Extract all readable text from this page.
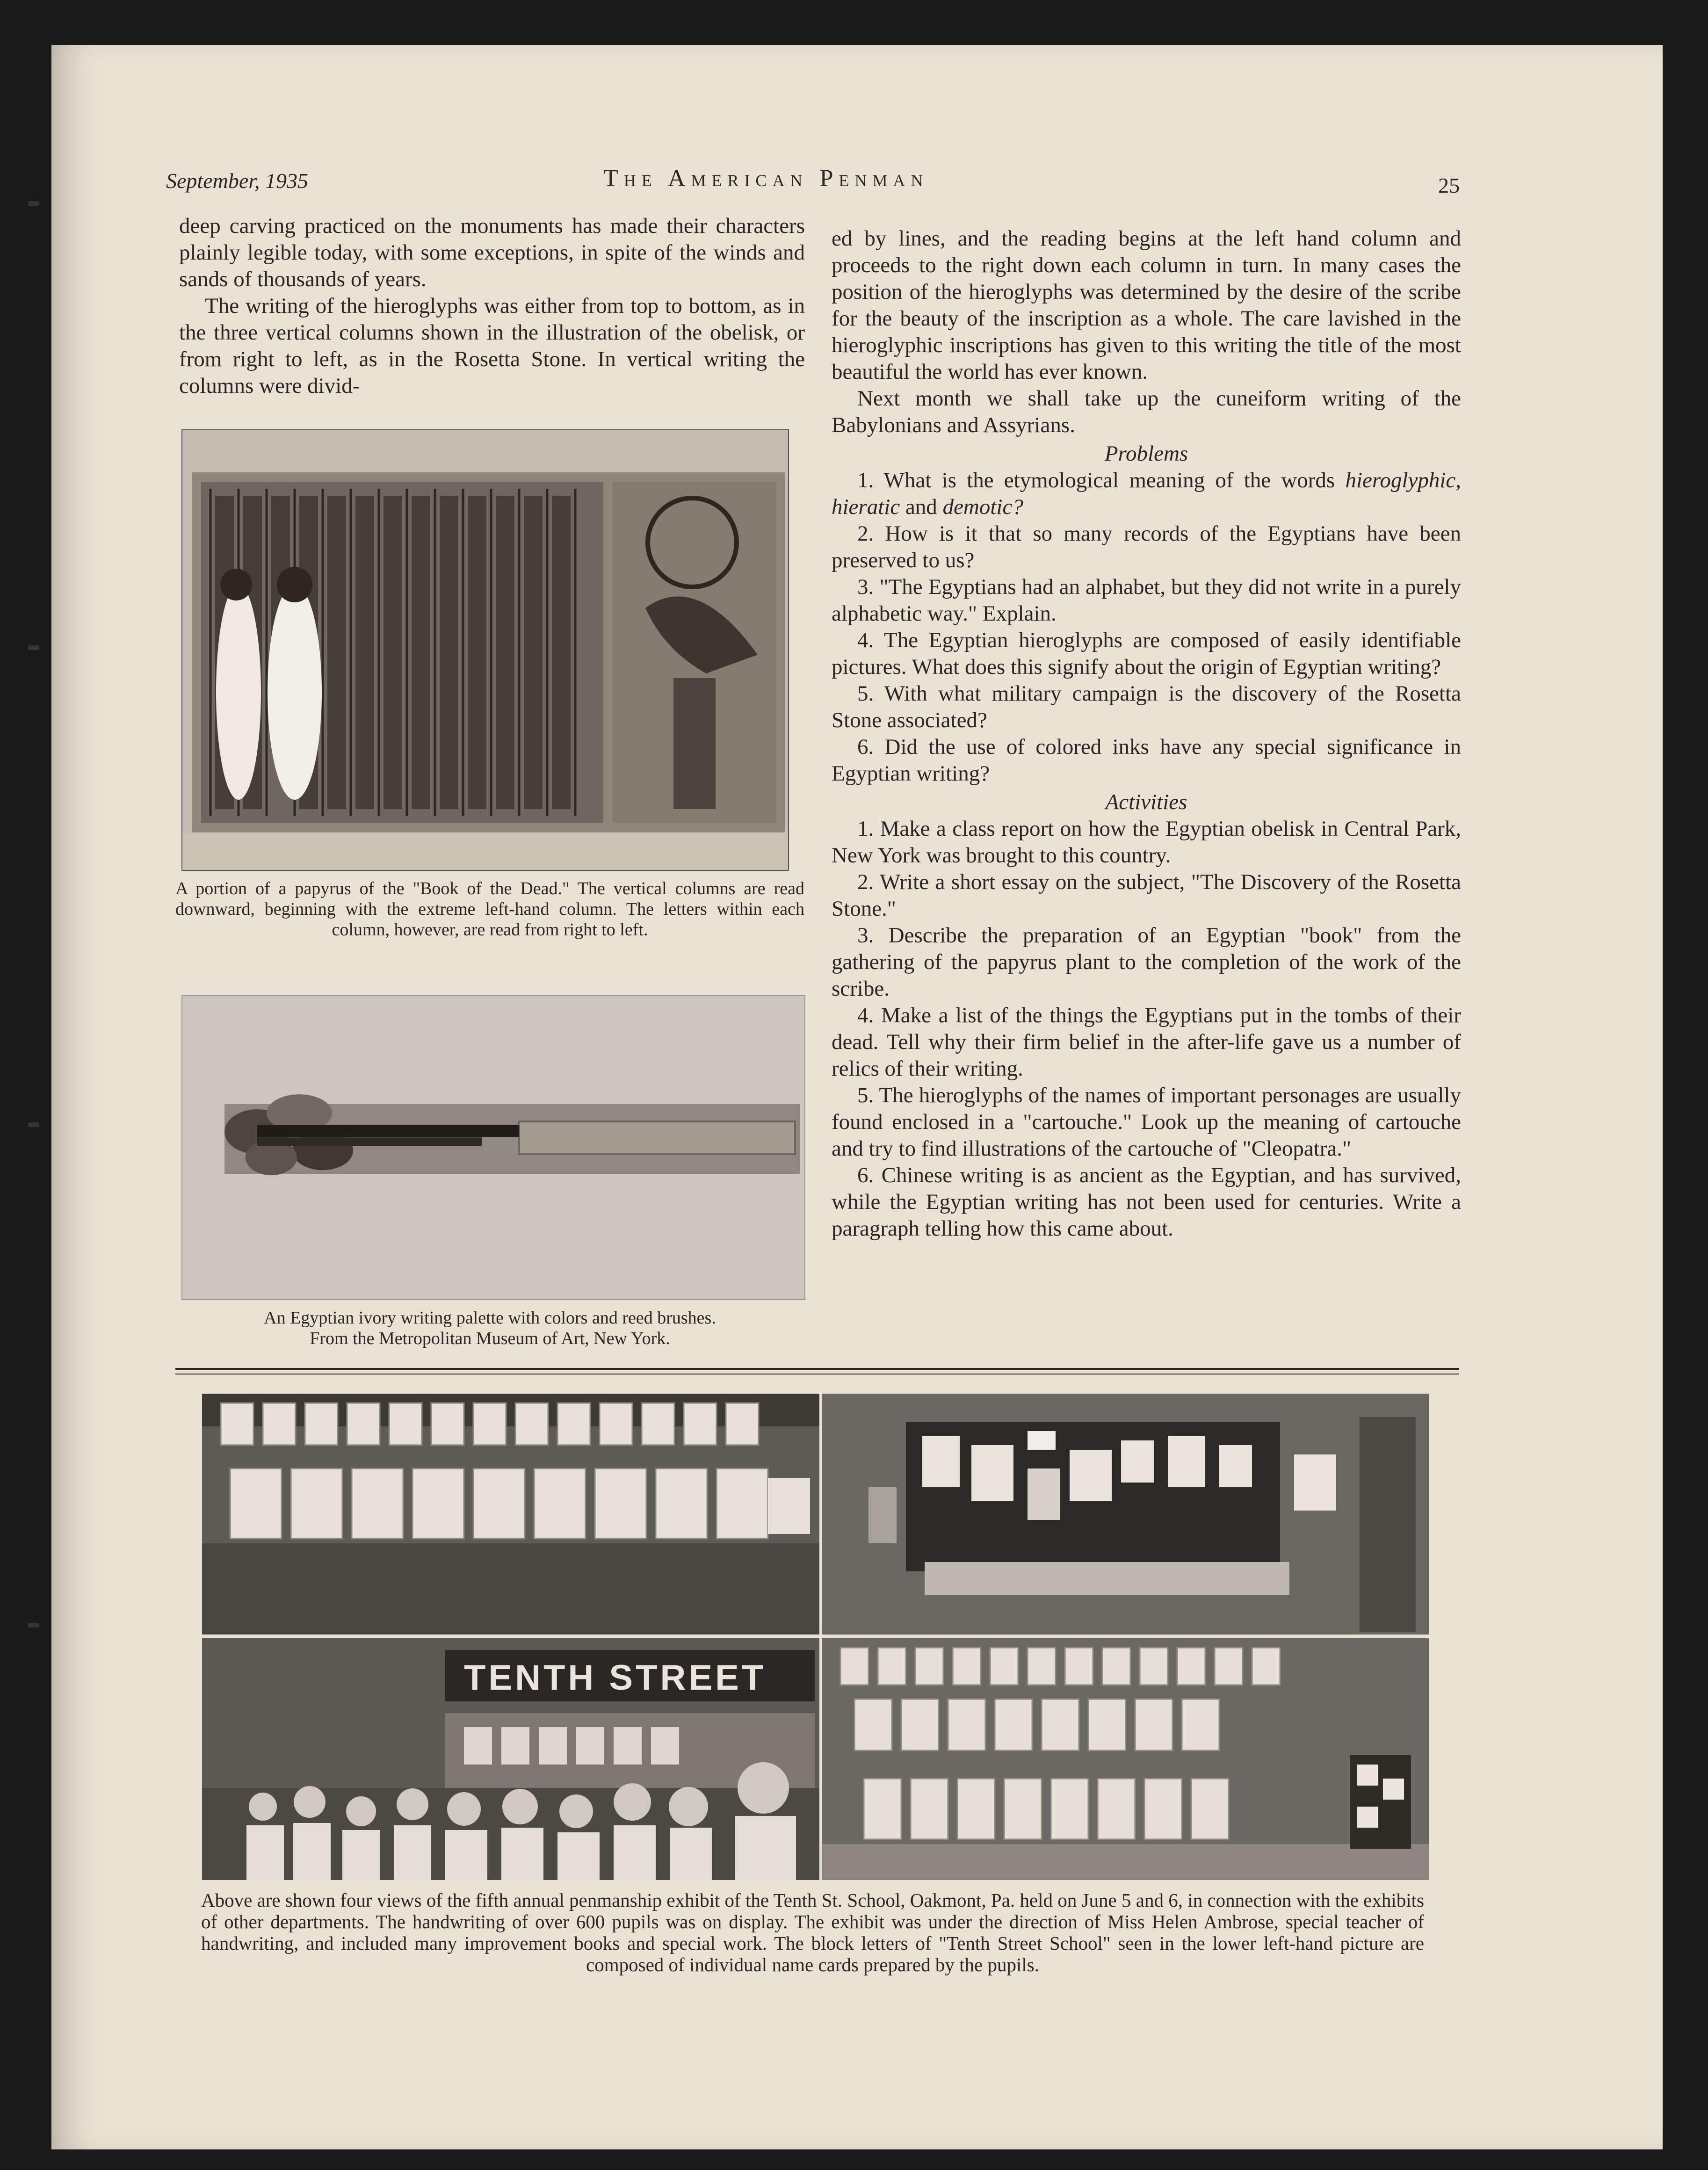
September, 1935	The American Penman	25

deep carving practiced on the monuments has made their characters plainly legible today, with some exceptions, in spite of the winds and sands of thousands of years.

The writing of the hieroglyphs was either from top to bottom, as in the three vertical columns shown in the illustration of the obelisk, or from right to left, as in the Rosetta Stone. In vertical writing the columns were divid-

A portion of a papyrus of the "Book of the Dead." The vertical columns are read downward, beginning with the extreme left-hand column. The letters within each column, however, are read from right to left.
An Egyptian ivory writing palette with colors and reed brushes.
From the Metropolitan Museum of Art, New York.

ed by lines, and the reading begins at the left hand column and proceeds to the right down each column in turn. In many cases the position of the hieroglyphs was determined by the desire of the scribe for the beauty of the inscription as a whole. The care lavished in the hieroglyphic inscriptions has given to this writing the title of the most beautiful the world has ever known.

Next month we shall take up the cuneiform writing of the Babylonians and Assyrians.

Problems

1. What is the etymological meaning of the words hieroglyphic, hieratic and demotic?

2. How is it that so many records of the Egyptians have been preserved to us?

3. "The Egyptians had an alphabet, but they did not write in a purely alphabetic way." Explain.

4. The Egyptian hieroglyphs are composed of easily identifiable pictures. What does this signify about the origin of Egyptian writing?

5. With what military campaign is the discovery of the Rosetta Stone associated?

6. Did the use of colored inks have any special significance in Egyptian writing?

Activities

1. Make a class report on how the Egyptian obelisk in Central Park, New York was brought to this country.

2. Write a short essay on the subject, "The Discovery of the Rosetta Stone."

3. Describe the preparation of an Egyptian "book" from the gathering of the papyrus plant to the completion of the work of the scribe.

4. Make a list of the things the Egyptians put in the tombs of their dead. Tell why their firm belief in the after-life gave us a number of relics of their writing.

5. The hieroglyphs of the names of important personages are usually found enclosed in a "cartouche." Look up the meaning of cartouche and try to find illustrations of the cartouche of "Cleopatra."

6. Chinese writing is as ancient as the Egyptian, and has survived, while the Egyptian writing has not been used for centuries. Write a paragraph telling how this came about.

TENTH STREET
Above are shown four views of the fifth annual penmanship exhibit of the Tenth St. School, Oakmont, Pa. held on June 5 and 6, in connection with the exhibits of other departments. The handwriting of over 600 pupils was on display. The exhibit was under the direction of Miss Helen Ambrose, special teacher of handwriting, and included many improvement books and special work. The block letters of "Tenth Street School" seen in the lower left-hand picture are composed of individual name cards prepared by the pupils.
